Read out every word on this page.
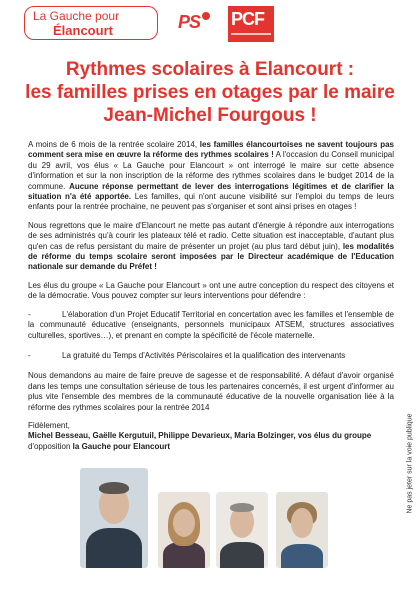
La Gauche pour
Élancourt	PS PCF
Rythmes scolaires à Elancourt :
les familles prises en otages par le maire
Jean-Michel Fourgous !

A moins de 6 mois de la rentrée scolaire 2014, les familles élancourtoises ne savent toujours pas comment sera mise en œuvre la réforme des rythmes scolaires ! A l'occasion du Conseil municipal du 29 avril, vos élus « La Gauche pour Elancourt » ont interrogé le maire sur cette absence d'information et sur la non inscription de la réforme des rythmes scolaires dans le budget 2014 de la commune. Aucune réponse permettant de lever des interrogations légitimes et de clarifier la situation n'a été apportée. Les familles, qui n'ont aucune visibilité sur l'emploi du temps de leurs enfants pour la rentrée prochaine, ne peuvent pas s'organiser et sont ainsi prises en otages !

Nous regrettons que le maire d'Elancourt ne mette pas autant d'énergie à répondre aux interrogations de ses administrés qu'à courir les plateaux télé et radio. Cette situation est inacceptable, d'autant plus qu'en cas de refus persistant du maire de présenter un projet (au plus tard début juin), les modalités de réforme du temps scolaire seront imposées par le Directeur académique de l'Education nationale sur demande du Préfet !

Les élus du groupe « La Gauche pour Elancourt » ont une autre conception du respect des citoyens et de la démocratie. Vous pouvez compter sur leurs interventions pour défendre :

-	L'élaboration d'un Projet Educatif Territorial en concertation avec les familles et l'ensemble de la communauté éducative (enseignants, personnels municipaux ATSEM, structures associatives culturelles, sportives…), et prenant en compte la spécificité de l'école maternelle.
-	La gratuité du Temps d'Activités Périscolaires et la qualification des intervenants

Nous demandons au maire de faire preuve de sagesse et de responsabilité. A défaut d'avoir organisé dans les temps une consultation sérieuse de tous les partenaires concernés, il est urgent d'informer au plus vite l'ensemble des membres de la communauté éducative de la nouvelle organisation liée à la réforme des rythmes scolaires pour la rentrée 2014

Fidèlement,
Michel Besseau, Gaëlle Kergutuil, Philippe Devarieux, Maria Bolzinger, vos élus du groupe
d'opposition la Gauche pour Elancourt	Ne pas jeter sur la voie publique
